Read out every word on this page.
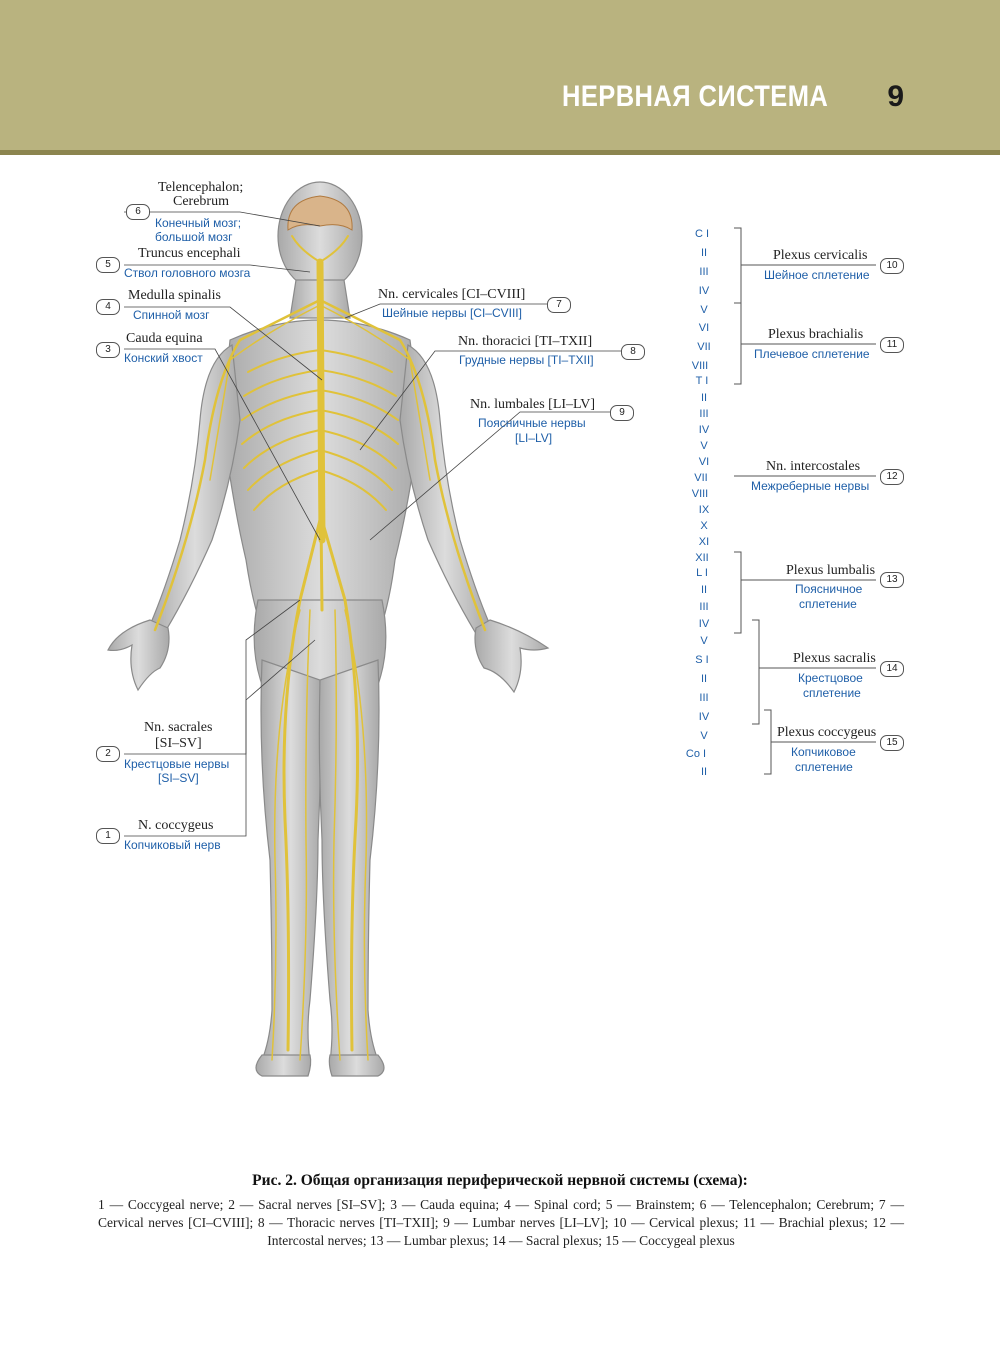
НЕРВНАЯ СИСТЕМА 9
Telencephalon;
Cerebrum
6
Конечный мозг;
большой мозг
Truncus encephali
5
Ствол головного мозга
Medulla spinalis
4
Спинной мозг
Cauda equina
3
Конский хвост
Nn. cervicales [CI–CVIII]
7
Шейные нервы [CI–CVIII]
Nn. thoracici [TI–TXII]
8
Грудные нервы [TI–TXII]
Nn. lumbales [LI–LV]
9
Поясничные нервы
[LI–LV]
Nn. sacrales
[SI–SV]
2
Крестцовые нервы
[SI–SV]
N. coccygeus
1
Копчиковый нерв
C I
II
III
IV
V
VI
VII
VIII
T I
II
III
IV
V
VI
VII
VIII
IX
X
XI
XII
L I
II
III
IV
V
S I
II
III
IV
V
Co I
II
Plexus cervicalis
10
Шейное сплетение
Plexus brachialis
11
Плечевое сплетение
Nn. intercostales
12
Межреберные нервы
Plexus lumbalis
13
Поясничное
сплетение
Plexus sacralis
14
Крестцовое
сплетение
Plexus coccygeus
15
Копчиковое
сплетение
Рис. 2. Общая организация периферической нервной системы (схема):
1 — Coccygeal nerve; 2 — Sacral nerves [SI–SV]; 3 — Cauda equina; 4 — Spinal cord; 5 — Brainstem; 6 — Telencephalon; Cerebrum; 7 — Cervical nerves [CI–CVIII]; 8 — Thoracic nerves [TI–TXII]; 9 — Lumbar nerves [LI–LV]; 10 — Cervical plexus; 11 — Brachial plexus; 12 — Intercostal nerves; 13 — Lumbar plexus; 14 — Sacral plexus; 15 — Coccygeal plexus
